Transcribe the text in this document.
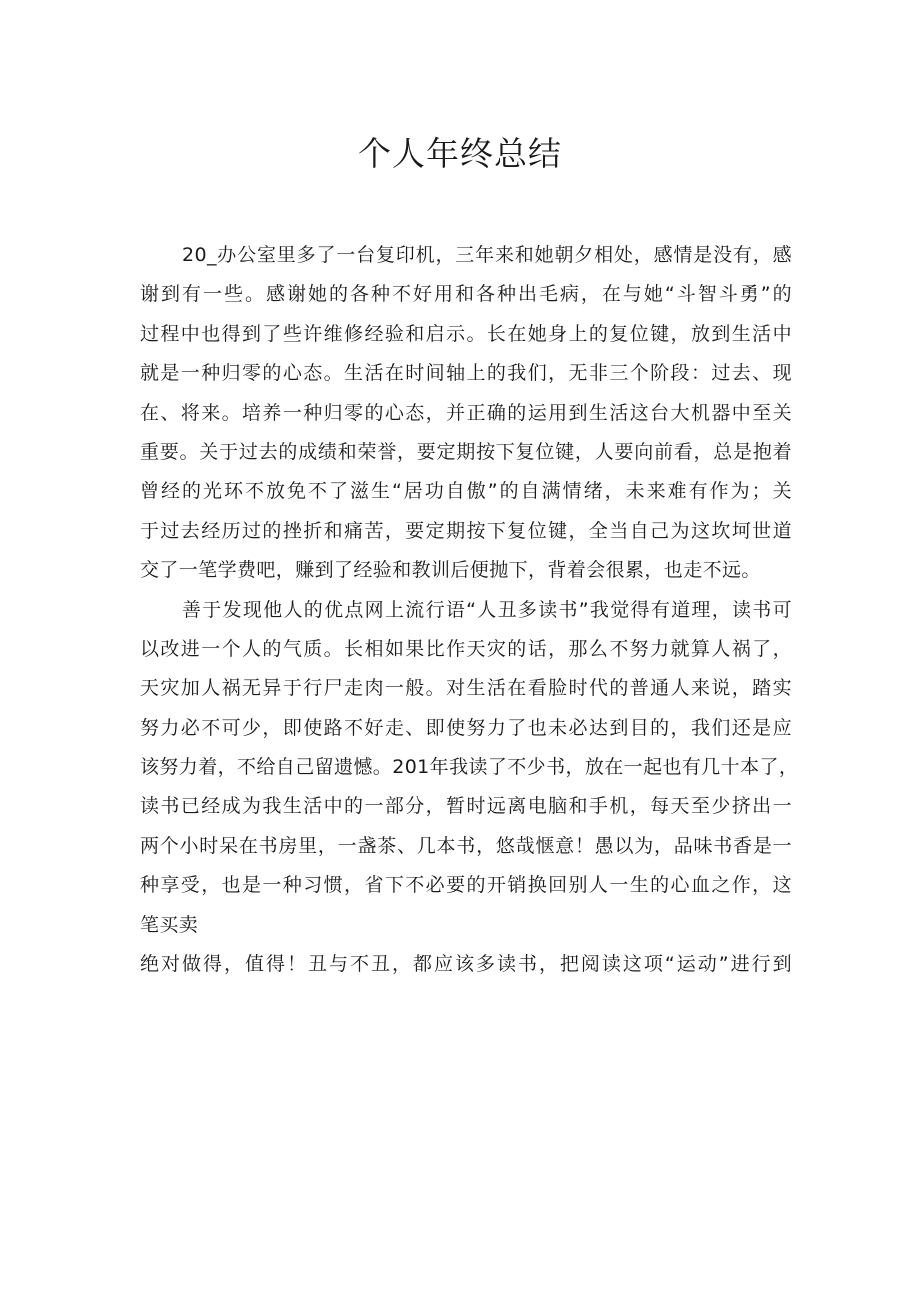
个人年终总结

20_办公室里多了一台复印机，三年来和她朝夕相处，感情是没有，感
谢到有一些。感谢她的各种不好用和各种出毛病，在与她“斗智斗勇”的
过程中也得到了些许维修经验和启示。长在她身上的复位键，放到生活中
就是一种归零的心态。生活在时间轴上的我们，无非三个阶段：过去、现
在、将来。培养一种归零的心态，并正确的运用到生活这台大机器中至关
重要。关于过去的成绩和荣誉，要定期按下复位键，人要向前看，总是抱着
曾经的光环不放免不了滋生“居功自傲”的自满情绪，未来难有作为；关
于过去经历过的挫折和痛苦，要定期按下复位键，全当自己为这坎坷世道
交了一笔学费吧，赚到了经验和教训后便抛下，背着会很累，也走不远。

善于发现他人的优点网上流行语“人丑多读书”我觉得有道理，读书可
以改进一个人的气质。长相如果比作天灾的话，那么不努力就算人祸了，
天灾加人祸无异于行尸走肉一般。对生活在看脸时代的普通人来说，踏实
努力必不可少，即使路不好走、即使努力了也未必达到目的，我们还是应
该努力着，不给自己留遗憾。201年我读了不少书，放在一起也有几十本了，
读书已经成为我生活中的一部分，暂时远离电脑和手机，每天至少挤出一
两个小时呆在书房里，一盏茶、几本书，悠哉惬意！愚以为，品味书香是一
种享受，也是一种习惯，省下不必要的开销换回别人一生的心血之作，这
笔买卖

绝对做得，值得！丑与不丑，都应该多读书，把阅读这项“运动”进行到
